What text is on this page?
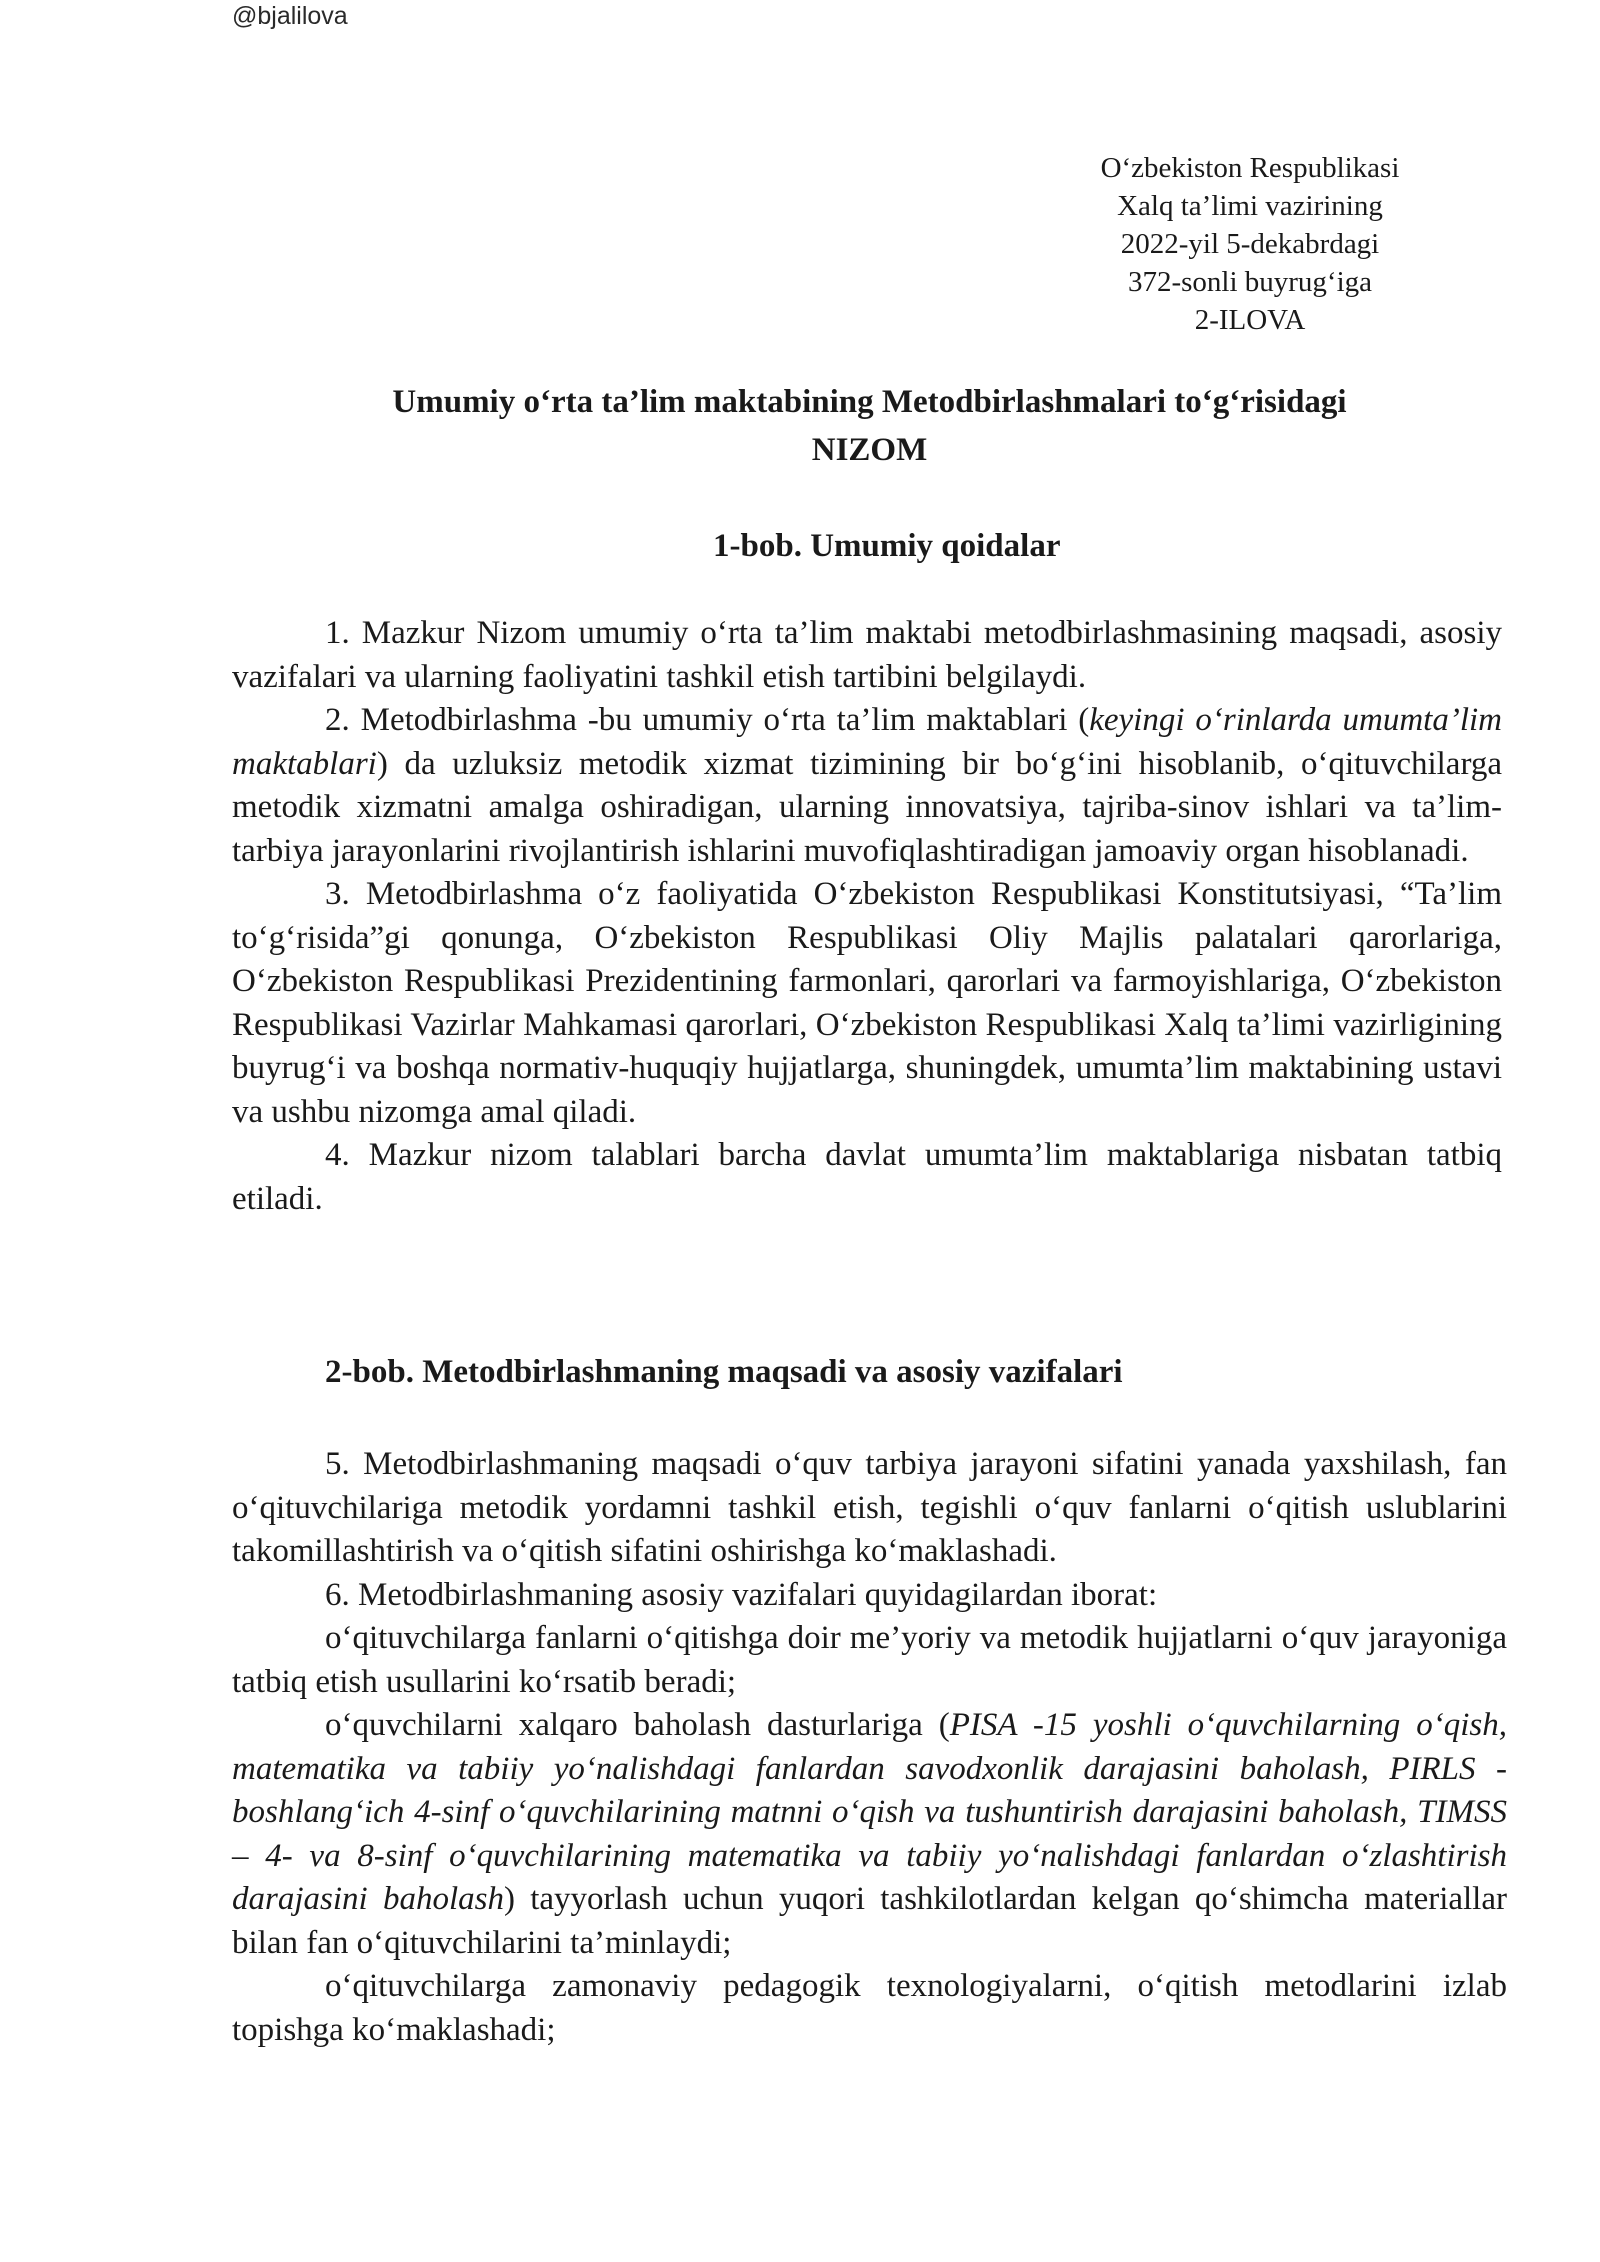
@bjalilova
O‘zbekiston Respublikasi
Xalq ta’limi vazirining
2022-yil 5-dekabrdagi
372-sonli buyrug‘iga
2-ILOVA
Umumiy o‘rta ta’lim maktabining Metodbirlashmalari to‘g‘risidagi
NIZOM
1-bob. Umumiy qoidalar

1. Mazkur Nizom umumiy o‘rta ta’lim maktabi metodbirlashmasining maqsadi, asosiy vazifalari va ularning faoliyatini tashkil etish tartibini belgilaydi.

2. Metodbirlashma -bu umumiy o‘rta ta’lim maktablari (keyingi o‘rinlarda umumta’lim maktablari) da uzluksiz metodik xizmat tizimining bir bo‘g‘ini hisoblanib, o‘qituvchilarga metodik xizmatni amalga oshiradigan, ularning innovatsiya, tajriba-sinov ishlari va ta’lim-tarbiya jarayonlarini rivojlantirish ishlarini muvofiqlashtiradigan jamoaviy organ hisoblanadi.

3. Metodbirlashma o‘z faoliyatida O‘zbekiston Respublikasi Konstitutsiyasi, “Ta’lim to‘g‘risida”gi qonunga, O‘zbekiston Respublikasi Oliy Majlis palatalari qarorlariga, O‘zbekiston Respublikasi Prezidentining farmonlari, qarorlari va farmoyishlariga, O‘zbekiston Respublikasi Vazirlar Mahkamasi qarorlari, O‘zbekiston Respublikasi Xalq ta’limi vazirligining buyrug‘i va boshqa normativ-huquqiy hujjatlarga, shuningdek, umumta’lim maktabining ustavi va ushbu nizomga amal qiladi.

4. Mazkur nizom talablari barcha davlat umumta’lim maktablariga nisbatan tatbiq etiladi.

2-bob. Metodbirlashmaning maqsadi va asosiy vazifalari

5. Metodbirlashmaning maqsadi o‘quv tarbiya jarayoni sifatini yanada yaxshilash, fan o‘qituvchilariga metodik yordamni tashkil etish, tegishli o‘quv fanlarni o‘qitish uslublarini takomillashtirish va o‘qitish sifatini oshirishga ko‘maklashadi.

6. Metodbirlashmaning asosiy vazifalari quyidagilardan iborat:

o‘qituvchilarga fanlarni o‘qitishga doir me’yoriy va metodik hujjatlarni o‘quv jarayoniga tatbiq etish usullarini ko‘rsatib beradi;

o‘quvchilarni xalqaro baholash dasturlariga (PISA -15 yoshli o‘quvchilarning o‘qish, matematika va tabiiy yo‘nalishdagi fanlardan savodxonlik darajasini baholash, PIRLS -boshlang‘ich 4-sinf o‘quvchilarining matnni o‘qish va tushuntirish darajasini baholash, TIMSS – 4- va 8-sinf o‘quvchilarining matematika va tabiiy yo‘nalishdagi fanlardan o‘zlashtirish darajasini baholash) tayyorlash uchun yuqori tashkilotlardan kelgan qo‘shimcha materiallar bilan fan o‘qituvchilarini ta’minlaydi;

o‘qituvchilarga zamonaviy pedagogik texnologiyalarni, o‘qitish metodlarini izlab topishga ko‘maklashadi;
